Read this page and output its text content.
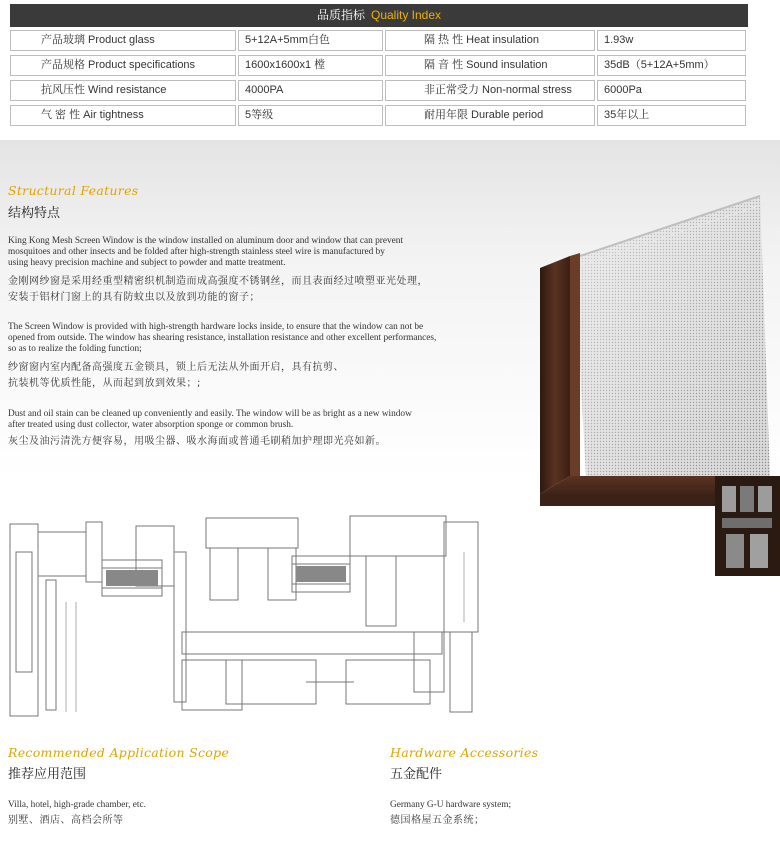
品质指标 Quality Index
产品玻璃 Product glass	5+12A+5mm白色	隔 热 性 Heat insulation	1.93w
产品规格 Product specifications	1600x1600x1 樘	隔 音 性 Sound insulation	35dB（5+12A+5mm）
抗风压性 Wind resistance	4000PA	非正常受力 Non-normal stress	6000Pa
气 密 性 Air tightness	5等级	耐用年限 Durable period	35年以上
Structural Features
结构特点
King Kong Mesh Screen Window is the window installed on aluminum door and window that can prevent
mosquitoes and other insects and be folded after high-strength stainless steel wire is manufactured by
using heavy precision machine and subject to powder and matte treatment.
金刚网纱窗是采用经重型精密织机制造而成高强度不锈钢丝，而且表面经过喷塑亚光处理，
安装于铝材门窗上的具有防蚊虫以及放到功能的窗子；
The Screen Window is provided with high-strength hardware locks inside, to ensure that the window can not be
opened from outside. The window has shearing resistance, installation resistance and other excellent performances,
so as to realize the folding function;
纱窗窗内室内配备高强度五金锁具，锁上后无法从外面开启，具有抗剪、
抗装机等优质性能，从而起到放到效果；;
Dust and oil stain can be cleaned up conveniently and easily. The window will be as bright as a new window
after treated using dust collector, water absorption sponge or common brush.
灰尘及油污清洗方便容易，用吸尘器、吸水海面或普通毛刷稍加护理即光亮如新。
Recommended Application Scope
推荐应用范围
Villa, hotel, high-grade chamber, etc.
别墅、酒店、高档会所等
Hardware Accessories
五金配件
Germany G-U hardware system;
德国格屋五金系统；
